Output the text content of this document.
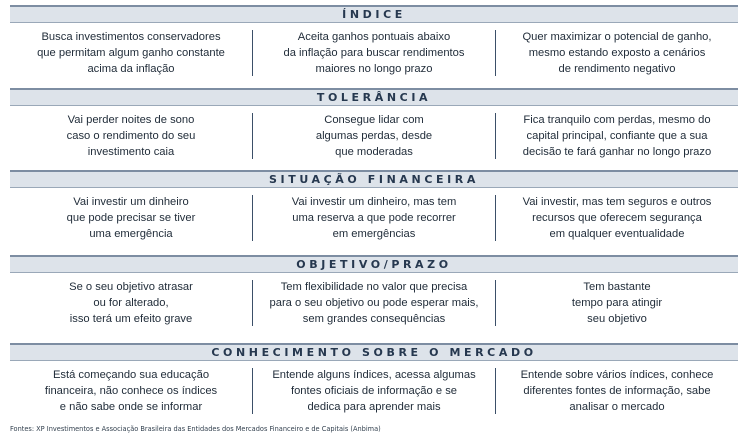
ÍNDICE
Busca investimentos conservadores
que permitam algum ganho constante
acima da inflação
Aceita ganhos pontuais abaixo
da inflação para buscar rendimentos
maiores no longo prazo
Quer maximizar o potencial de ganho,
mesmo estando exposto a cenários
de rendimento negativo
TOLERÂNCIA
Vai perder noites de sono
caso o rendimento do seu
investimento caia
Consegue lidar com
algumas perdas, desde
que moderadas
Fica tranquilo com perdas, mesmo do
capital principal, confiante que a sua
decisão te fará ganhar no longo prazo
SITUAÇÃO FINANCEIRA
Vai investir um dinheiro
que pode precisar se tiver
uma emergência
Vai investir um dinheiro, mas tem
uma reserva a que pode recorrer
em emergências
Vai investir, mas tem seguros e outros
recursos que oferecem segurança
em qualquer eventualidade
OBJETIVO/PRAZO
Se o seu objetivo atrasar
ou for alterado,
isso terá um efeito grave
Tem flexibilidade no valor que precisa
para o seu objetivo ou pode esperar mais,
sem grandes consequências
Tem bastante
tempo para atingir
seu objetivo
CONHECIMENTO SOBRE O MERCADO
Está começando sua educação
financeira, não conhece os índices
e não sabe onde se informar
Entende alguns índices, acessa algumas
fontes oficiais de informação e se
dedica para aprender mais
Entende sobre vários índices, conhece
diferentes fontes de informação, sabe
analisar o mercado
Fontes: XP Investimentos e Associação Brasileira das Entidades dos Mercados Financeiro e de Capitais (Anbima)
